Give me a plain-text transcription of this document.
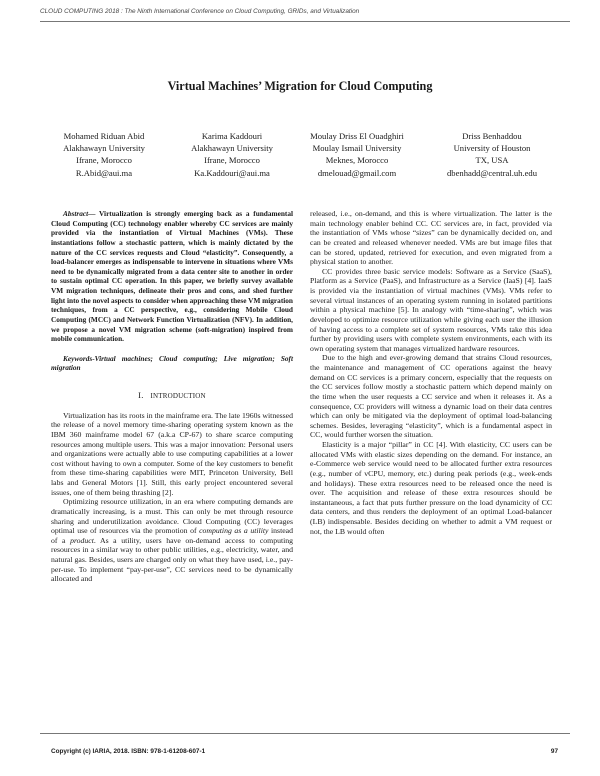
CLOUD COMPUTING 2018 : The Ninth International Conference on Cloud Computing, GRIDs, and Virtualization
Virtual Machines’ Migration for Cloud Computing
Mohamed Riduan Abid
Alakhawayn University
Ifrane, Morocco
R.Abid@aui.ma
Karima Kaddouri
Alakhawayn University
Ifrane, Morocco
Ka.Kaddouri@aui.ma
Moulay Driss El Ouadghiri
Moulay Ismail University
Meknes, Morocco
dmelouad@gmail.com
Driss Benhaddou
University of Houston
TX, USA
dbenhadd@central.uh.edu

Abstract— Virtualization is strongly emerging back as a fundamental Cloud Computing (CC) technology enabler whereby CC services are mainly provided via the instantiation of Virtual Machines (VMs). These instantiations follow a stochastic pattern, which is mainly dictated by the nature of the CC services requests and Cloud “elasticity”. Consequently, a load-balancer emerges as indispensable to intervene in situations where VMs need to be dynamically migrated from a data center site to another in order to sustain optimal CC operation. In this paper, we briefly survey available VM migration techniques, delineate their pros and cons, and shed further light into the novel aspects to consider when approaching these VM migration techniques, from a CC perspective, e.g., considering Mobile Cloud Computing (MCC) and Network Function Virtualization (NFV). In addition, we propose a novel VM migration scheme (soft-migration) inspired from mobile communication.

Keywords-Virtual machines; Cloud computing; Live migration; Soft migration

I. INTRODUCTION

Virtualization has its roots in the mainframe era. The late 1960s witnessed the release of a novel memory time-sharing operating system known as the IBM 360 mainframe model 67 (a.k.a CP-67) to share scarce computing resources among multiple users. This was a major innovation: Personal users and organizations were actually able to use computing capabilities at a lower cost without having to own a computer. Some of the key customers to benefit from these time-sharing capabilities were MIT, Princeton University, Bell labs and General Motors [1]. Still, this early project encountered several issues, one of them being thrashing [2].

Optimizing resource utilization, in an era where computing demands are dramatically increasing, is a must. This can only be met through resource sharing and underutilization avoidance. Cloud Computing (CC) leverages optimal use of resources via the promotion of computing as a utility instead of a product. As a utility, users have on-demand access to computing resources in a similar way to other public utilities, e.g., electricity, water, and natural gas. Besides, users are charged only on what they have used, i.e., pay-per-use. To implement “pay-per-use”, CC services need to be dynamically allocated and

released, i.e., on-demand, and this is where virtualization. The latter is the main technology enabler behind CC. CC services are, in fact, provided via the instantiation of VMs whose “sizes” can be dynamically decided on, and can be created and released whenever needed. VMs are but image files that can be stored, updated, retrieved for execution, and even migrated from a physical station to another.

CC provides three basic service models: Software as a Service (SaaS), Platform as a Service (PaaS), and Infrastructure as a Service (IaaS) [4]. IaaS is provided via the instantiation of virtual machines (VMs). VMs refer to several virtual instances of an operating system running in isolated partitions within a physical machine [5]. In analogy with “time-sharing”, which was developed to optimize resource utilization while giving each user the illusion of having access to a complete set of system resources, VMs take this idea further by providing users with complete system environments, each with its own operating system that manages virtualized hardware resources.

Due to the high and ever-growing demand that strains Cloud resources, the maintenance and management of CC operations against the heavy demand on CC services is a primary concern, especially that the requests on the CC services follow mostly a stochastic pattern which depend mainly on the time when the user requests a CC service and when it releases it. As a consequence, CC providers will witness a dynamic load on their data centres which can only be mitigated via the deployment of optimal load-balancing schemes. Besides, leveraging “elasticity”, which is a fundamental aspect in CC, would further worsen the situation.

Elasticity is a major “pillar” in CC [4]. With elasticity, CC users can be allocated VMs with elastic sizes depending on the demand. For instance, an e-Commerce web service would need to be allocated further extra resources (e.g., number of vCPU, memory, etc.) during peak periods (e.g., week-ends and holidays). These extra resources need to be released once the need is over. The acquisition and release of these extra resources should be instantaneous, a fact that puts further pressure on the load dynamicity of CC data centers, and thus renders the deployment of an optimal Load-balancer (LB) indispensable. Besides deciding on whether to admit a VM request or not, the LB would often

Copyright (c) IARIA, 2018. ISBN: 978-1-61208-607-1	97
